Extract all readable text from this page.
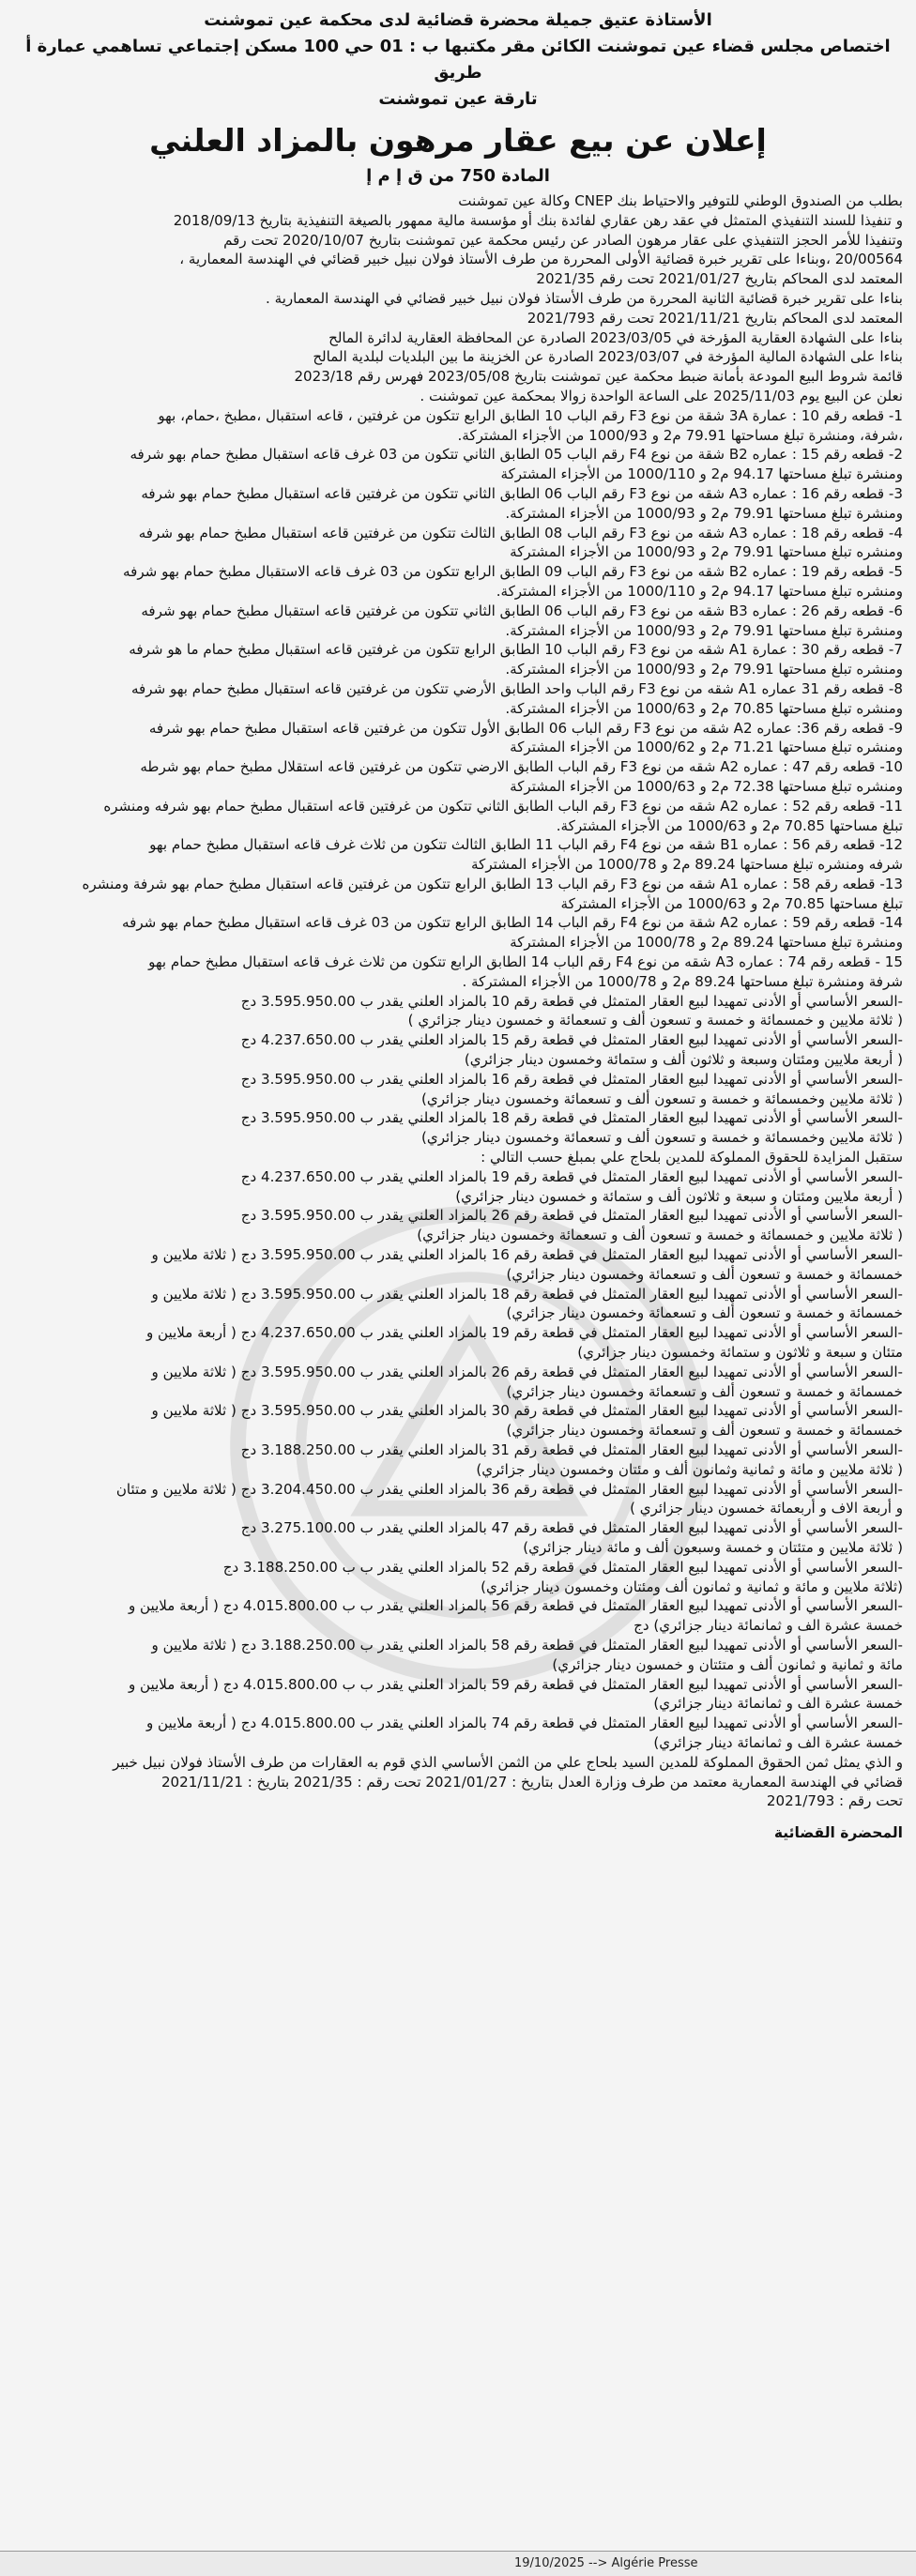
الأستاذة عتيق جميلة محضرة قضائية لدى محكمة عين تموشنت

اختصاص مجلس قضاء عين تموشنت الكائن مقر مكتبها ب : 01 حي 100 مسكن إجتماعي تساهمي عمارة أ طريق

تارقة عين تموشنت

إعلان عن بيع عقار مرهون بالمزاد العلني

المادة 750 من ق إ م إ

بطلب من الصندوق الوطني للتوفير والاحتياط بنك CNEP وكالة عين تموشنت
و تنفيذا للسند التنفيذي المتمثل في عقد رهن عقاري لفائدة بنك أو مؤسسة مالية ممهور بالصيغة التنفيذية بتاريخ 2018/09/13
وتنفيذا للأمر الحجز التنفيذي على عقار مرهون الصادر عن رئيس محكمة عين تموشنت بتاريخ 2020/10/07 تحت رقم
20/00564 ،وبناءا على تقرير خبرة قضائية الأولى المحررة من طرف الأستاذ فولان نبيل خبير قضائي في الهندسة المعمارية ،
المعتمد لدى المحاكم بتاريخ 2021/01/27 تحت رقم 2021/35
بناءا على تقرير خبرة قضائية الثانية المحررة من طرف الأستاذ فولان نبيل خبير قضائي في الهندسة المعمارية .
المعتمد لدى المحاكم بتاريخ 2021/11/21 تحت رقم 2021/793
بناءا على الشهادة العقارية المؤرخة في 2023/03/05 الصادرة عن المحافظة العقارية لدائرة المالح
بناءا على الشهادة المالية المؤرخة في 2023/03/07 الصادرة عن الخزينة ما بين البلديات لبلدية المالح
قائمة شروط البيع المودعة بأمانة ضبط محكمة عين تموشنت بتاريخ 2023/05/08 فهرس رقم 2023/18
نعلن عن البيع يوم 2025/11/03 على الساعة الواحدة زوالا بمحكمة عين تموشنت .
1- قطعه رقم 10 : عمارة 3A شقة من نوع F3 رقم الباب 10 الطابق الرابع تتكون من غرفتين ، قاعه استقبال ،مطبخ ،حمام، بهو
،شرفة، ومنشرة تبلغ مساحتها 79.91 م2 و 1000/93 من الأجزاء المشتركة.
2- قطعه رقم 15 : عماره B2 شقة من نوع F4 رقم الباب 05 الطابق الثاني تتكون من 03 غرف قاعه استقبال مطبخ حمام بهو شرفه
ومنشرة تبلغ مساحتها 94.17 م2 و 1000/110 من الأجزاء المشتركة
3- قطعه رقم 16 : عماره A3 شقه من نوع F3 رقم الباب 06 الطابق الثاني تتكون من غرفتين قاعه استقبال مطبخ حمام بهو شرفه
ومنشرة تبلغ مساحتها 79.91 م2 و 1000/93 من الأجزاء المشتركة.
4- قطعه رقم 18 : عماره A3 شقه من نوع F3 رقم الباب 08 الطابق الثالث تتكون من غرفتين قاعه استقبال مطبخ حمام بهو شرفه
ومنشره تبلغ مساحتها 79.91 م2 و 1000/93 من الأجزاء المشتركة
5- قطعه رقم 19 : عماره B2 شقه من نوع F3 رقم الباب 09 الطابق الرابع تتكون من 03 غرف قاعه الاستقبال مطبخ حمام بهو شرفه
ومنشره تبلغ مساحتها 94.17 م2 و 1000/110 من الأجزاء المشتركة.
6- قطعه رقم 26 : عماره B3 شقه من نوع F3 رقم الباب 06 الطابق الثاني تتكون من غرفتين قاعه استقبال مطبخ حمام بهو شرفه
ومنشرة تبلغ مساحتها 79.91 م2 و 1000/93 من الأجزاء المشتركة.
7- قطعه رقم 30 : عمارة A1 شقه من نوع F3 رقم الباب 10 الطابق الرابع تتكون من غرفتين قاعه استقبال مطبخ حمام ما هو شرفه
ومنشره تبلغ مساحتها 79.91 م2 و 1000/93 من الأجزاء المشتركة.
8- قطعه رقم 31 عماره A1 شقه من نوع F3 رقم الباب واحد الطابق الأرضي تتكون من غرفتين قاعه استقبال مطبخ حمام بهو شرفه
ومنشره تبلغ مساحتها 70.85 م2 و 1000/63 من الأجزاء المشتركة.
9- قطعه رقم 36: عماره A2 شقه من نوع F3 رقم الباب 06 الطابق الأول تتكون من غرفتين قاعه استقبال مطبخ حمام بهو شرفه
ومنشره تبلغ مساحتها 71.21 م2 و 1000/62 من الأجزاء المشتركة
10- قطعه رقم 47 : عماره A2 شقه من نوع F3 رقم الباب الطابق الارضي تتكون من غرفتين قاعه استقلال مطبخ حمام بهو شرطه
ومنشره تبلغ مساحتها 72.38 م2 و 1000/63 من الأجزاء المشتركة
11- قطعه رقم 52 : عماره A2 شقه من نوع F3 رقم الباب الطابق الثاني تتكون من غرفتين قاعه استقبال مطبخ حمام بهو شرفه ومنشره
تبلغ مساحتها 70.85 م2 و 1000/63 من الأجزاء المشتركة.
12- قطعه رقم 56 : عماره B1 شقه من نوع F4 رقم الباب 11 الطابق الثالث تتكون من ثلاث غرف قاعه استقبال مطبخ حمام بهو
شرفه ومنشره تبلغ مساحتها 89.24 م2 و 1000/78 من الأجزاء المشتركة
13- قطعه رقم 58 : عماره A1 شقه من نوع F3 رقم الباب 13 الطابق الرابع تتكون من غرفتين قاعه استقبال مطبخ حمام بهو شرفة ومنشره
تبلغ مساحتها 70.85 م2 و 1000/63 من الأجزاء المشتركة
14- قطعه رقم 59 : عماره A2 شقة من نوع F4 رقم الباب 14 الطابق الرابع تتكون من 03 غرف قاعه استقبال مطبخ حمام بهو شرفه
ومنشرة تبلغ مساحتها 89.24 م2 و 1000/78 من الأجزاء المشتركة
15 - قطعه رقم 74 : عماره A3 شقه من نوع F4 رقم الباب 14 الطابق الرابع تتكون من ثلاث غرف قاعه استقبال مطبخ حمام بهو
شرفة ومنشرة تبلغ مساحتها 89.24 م2 و 1000/78 من الأجزاء المشتركة .
-السعر الأساسي أو الأدنى تمهيدا لبيع العقار المتمثل في قطعة رقم 10 بالمزاد العلني يقدر ب 3.595.950.00 دج
( ثلاثة ملايين و خمسمائة و خمسة و تسعون ألف و تسعمائة و خمسون دينار جزائري )
-السعر الأساسي أو الأدنى تمهيدا لبيع العقار المتمثل في قطعة رقم 15 بالمزاد العلني يقدر ب 4.237.650.00 دج
( أربعة ملايين ومئتان وسبعة و ثلاثون ألف و ستمائة وخمسون دينار جزائري)
-السعر الأساسي أو الأدنى تمهيدا لبيع العقار المتمثل في قطعة رقم 16 بالمزاد العلني يقدر ب 3.595.950.00 دج
( ثلاثة ملايين وخمسمائة و خمسة و تسعون ألف و تسعمائة وخمسون دينار جزائري)
-السعر الأساسي أو الأدنى تمهيدا لبيع العقار المتمثل في قطعة رقم 18 بالمزاد العلني يقدر ب 3.595.950.00 دج
( ثلاثة ملايين وخمسمائة و خمسة و تسعون ألف و تسعمائة وخمسون دينار جزائري)
ستقبل المزايدة للحقوق المملوكة للمدين بلحاج علي بمبلغ حسب التالي :
-السعر الأساسي أو الأدنى تمهيدا لبيع العقار المتمثل في قطعة رقم 19 بالمزاد العلني يقدر ب 4.237.650.00 دج
( أربعة ملايين ومئتان و سبعة و ثلاثون ألف و ستمائة و خمسون دينار جزائري)
-السعر الأساسي أو الأدنى تمهيدا لبيع العقار المتمثل في قطعة رقم 26 بالمزاد العلني يقدر ب 3.595.950.00 دج
( ثلاثة ملايين و خمسمائة و خمسة و تسعون ألف و تسعمائة وخمسون دينار جزائري)
-السعر الأساسي أو الأدنى تمهيدا لبيع العقار المتمثل في قطعة رقم 16 بالمزاد العلني يقدر ب 3.595.950.00 دج ( ثلاثة ملايين و
خمسمائة و خمسة و تسعون ألف و تسعمائة وخمسون دينار جزائري)
-السعر الأساسي أو الأدنى تمهيدا لبيع العقار المتمثل في قطعة رقم 18 بالمزاد العلني يقدر ب 3.595.950.00 دج ( ثلاثة ملايين و
خمسمائة و خمسة و تسعون ألف و تسعمائة وخمسون دينار جزائري)
-السعر الأساسي أو الأدنى تمهيدا لبيع العقار المتمثل في قطعة رقم 19 بالمزاد العلني يقدر ب 4.237.650.00 دج ( أربعة ملايين و
متئان و سبعة و ثلاثون و ستمائة وخمسون دينار جزائري)
-السعر الأساسي أو الأدنى تمهيدا لبيع العقار المتمثل في قطعة رقم 26 بالمزاد العلني يقدر ب 3.595.950.00 دج ( ثلاثة ملايين و
خمسمائة و خمسة و تسعون ألف و تسعمائة وخمسون دينار جزائري)
-السعر الأساسي أو الأدنى تمهيدا لبيع العقار المتمثل في قطعة رقم 30 بالمزاد العلني يقدر ب 3.595.950.00 دج ( ثلاثة ملايين و
خمسمائة و خمسة و تسعون ألف و تسعمائة وخمسون دينار جزائري)
-السعر الأساسي أو الأدنى تمهيدا لبيع العقار المتمثل في قطعة رقم 31 بالمزاد العلني يقدر ب 3.188.250.00 دج
( ثلاثة ملايين و مائة و ثمانية وثمانون ألف و مئتان وخمسون دينار جزائري)
-السعر الأساسي أو الأدنى تمهيدا لبيع العقار المتمثل في قطعة رقم 36 بالمزاد العلني يقدر ب 3.204.450.00 دج ( ثلاثة ملايين و متئان
و أربعة الاف و أربعمائة خمسون دينار جزائري )
-السعر الأساسي أو الأدنى تمهيدا لبيع العقار المتمثل في قطعة رقم 47 بالمزاد العلني يقدر ب 3.275.100.00 دج
( ثلاثة ملايين و متئتان و خمسة وسبعون ألف و مائة دينار جزائري)
-السعر الأساسي أو الأدنى تمهيدا لبيع العقار المتمثل في قطعة رقم 52 بالمزاد العلني يقدر ب ب 3.188.250.00 دج
(ثلاثة ملايين و مائة و ثمانية و ثمانون ألف ومئتان وخمسون دينار جزائري)
-السعر الأساسي أو الأدنى تمهيدا لبيع العقار المتمثل في قطعة رقم 56 بالمزاد العلني يقدر ب ب 4.015.800.00 دج ( أربعة ملايين و
خمسة عشرة الف و ثمانمائة دينار جزائري) دج
-السعر الأساسي أو الأدنى تمهيدا لبيع العقار المتمثل في قطعة رقم 58 بالمزاد العلني يقدر ب 3.188.250.00 دج ( ثلاثة ملايين و
مائة و ثمانية و ثمانون ألف و متئتان و خمسون دينار جزائري)
-السعر الأساسي أو الأدنى تمهيدا لبيع العقار المتمثل في قطعة رقم 59 بالمزاد العلني يقدر ب ب 4.015.800.00 دج ( أربعة ملايين و
خمسة عشرة الف و ثمانمائة دينار جزائري)
-السعر الأساسي أو الأدنى تمهيدا لبيع العقار المتمثل في قطعة رقم 74 بالمزاد العلني يقدر ب 4.015.800.00 دج ( أربعة ملايين و
خمسة عشرة الف و ثمانمائة دينار جزائري)
و الذي يمثل ثمن الحقوق المملوكة للمدين السيد بلحاج علي من الثمن الأساسي الذي قوم به العقارات من طرف الأستاذ فولان نبيل خبير
قضائي في الهندسة المعمارية معتمد من طرف وزارة العدل بتاريخ : 2021/01/27 تحت رقم : 2021/35 بتاريخ : 2021/11/21
تحت رقم : 2021/793
المحضرة القضائية
19/10/2025 --> Algérie Presse
